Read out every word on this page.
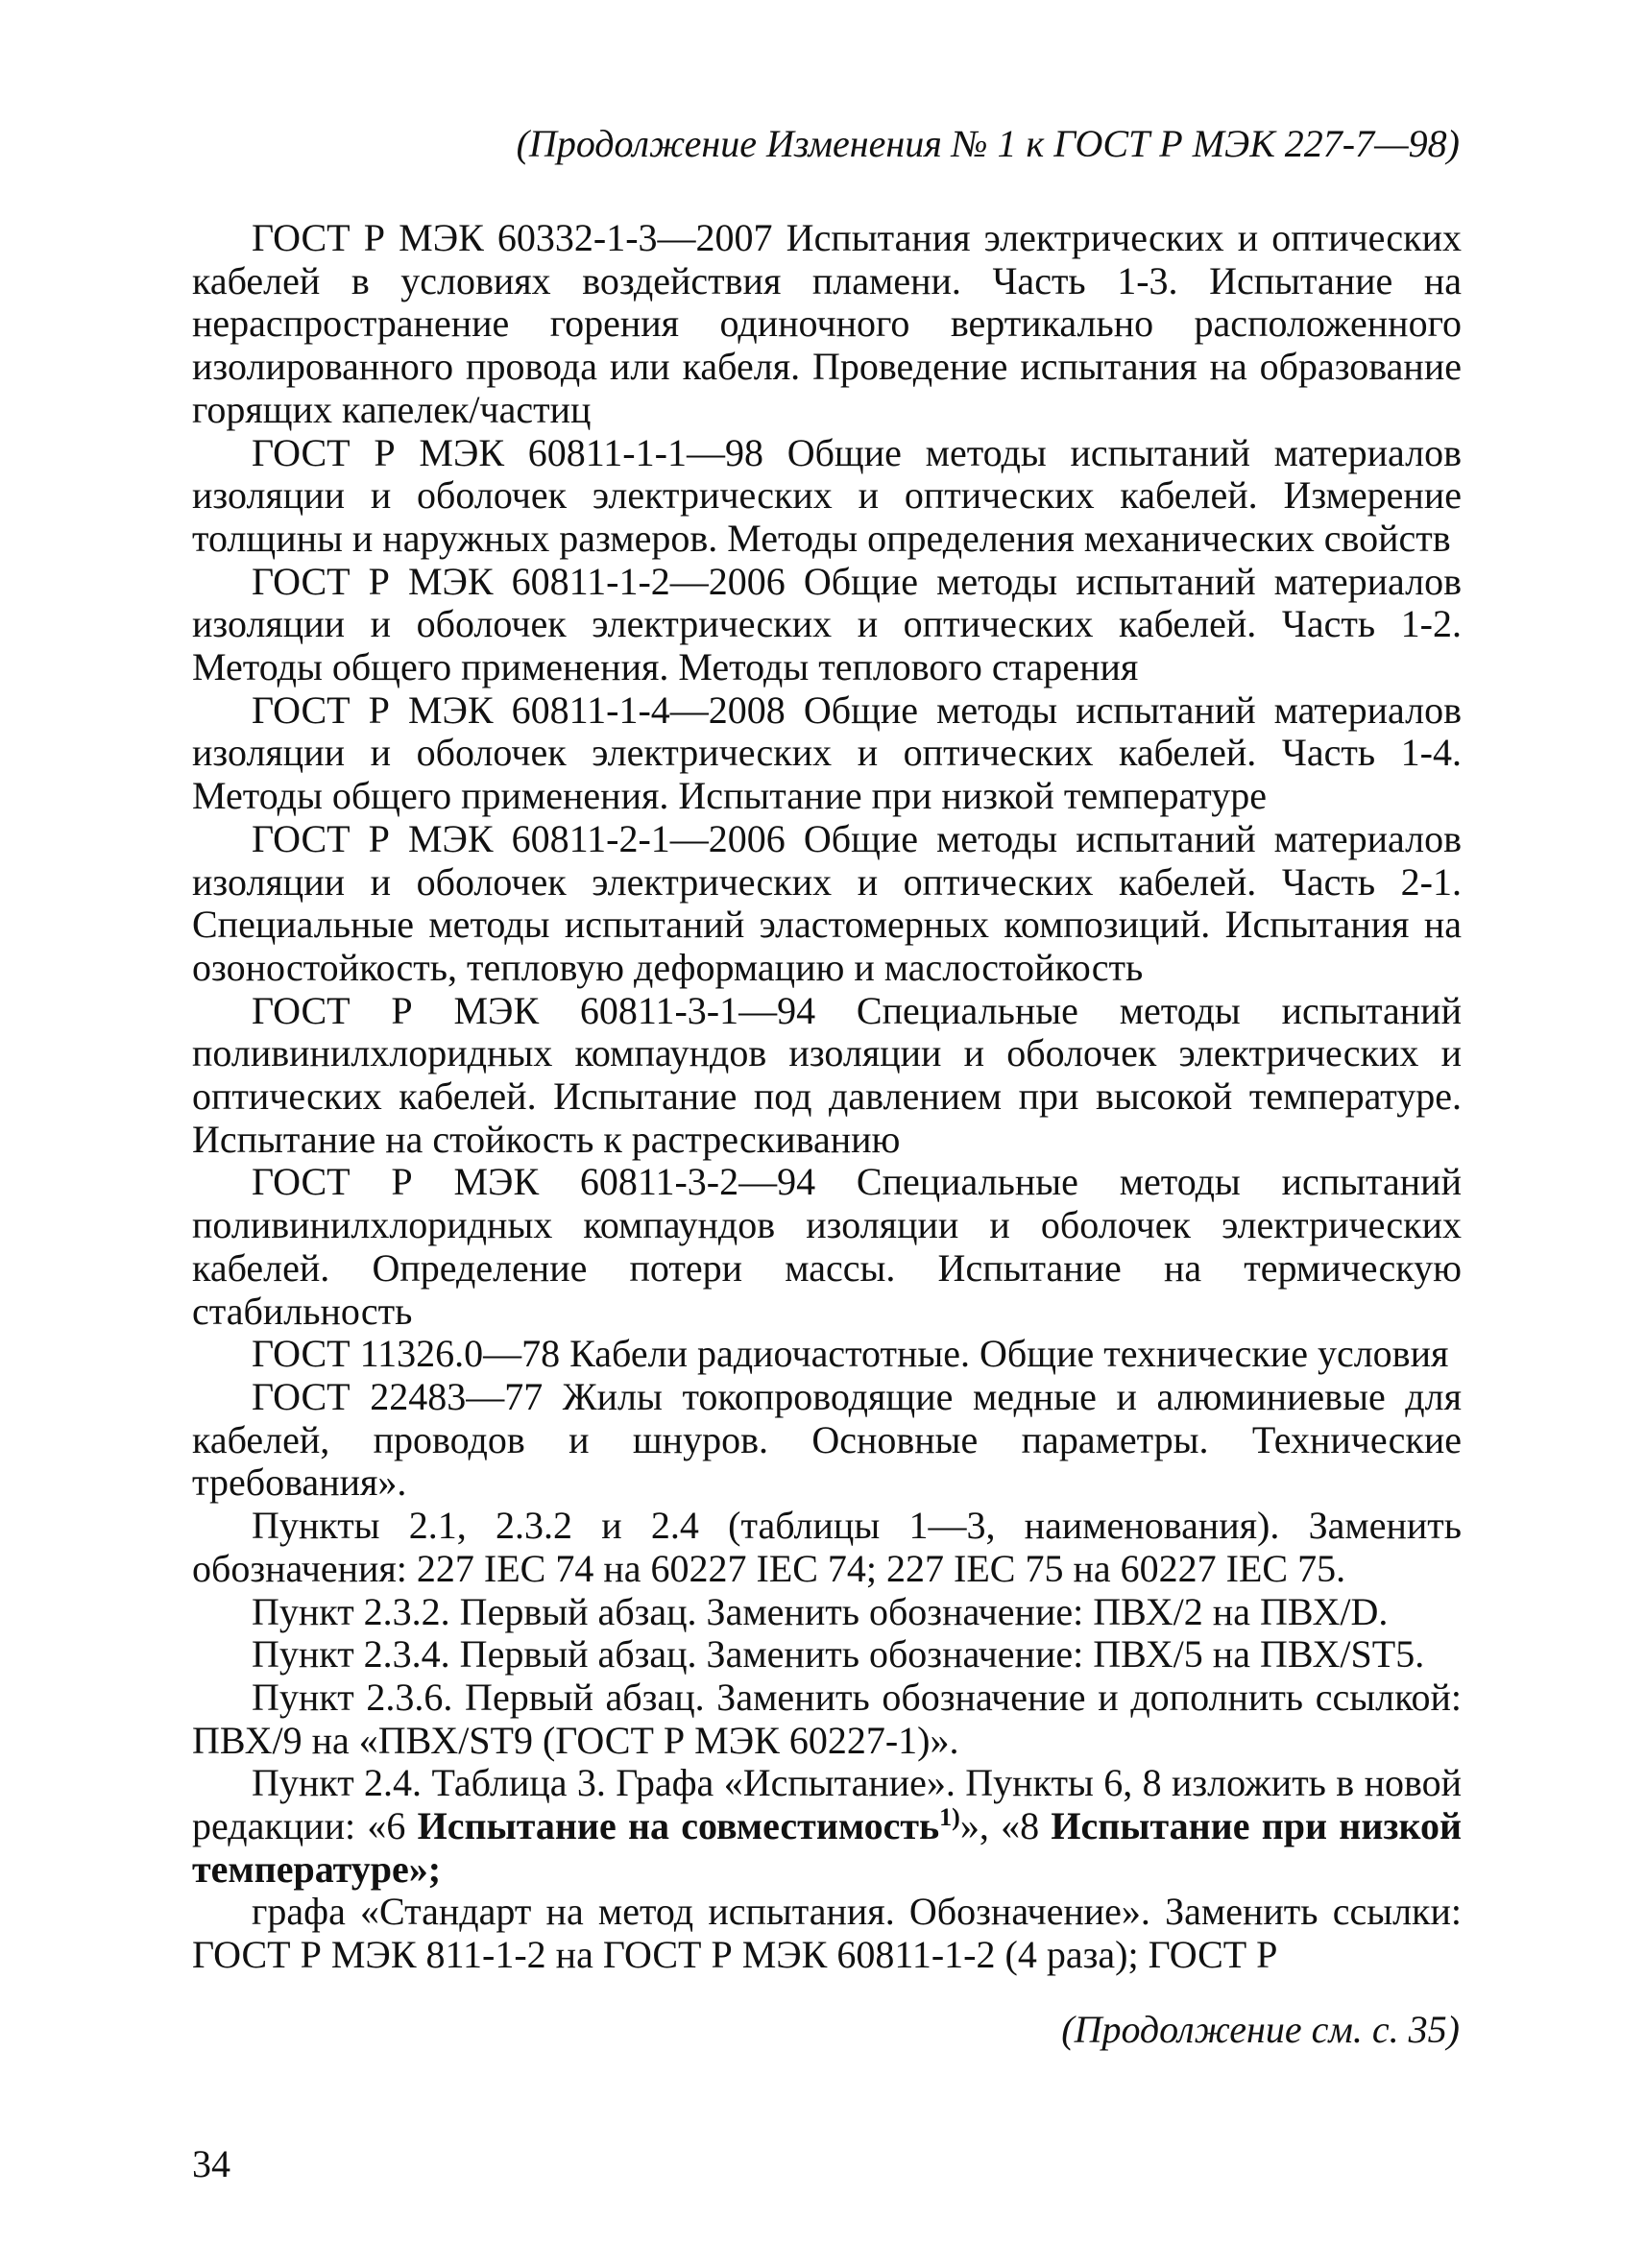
(Продолжение Изменения № 1 к ГОСТ Р МЭК 227-7—98)

ГОСТ Р МЭК 60332-1-3—2007 Испытания электрических и оптических кабелей в условиях воздействия пламени. Часть 1-3. Испытание на нераспространение горения одиночного вертикально расположенного изолированного провода или кабеля. Проведение испытания на образование горящих капелек/частиц

ГОСТ Р МЭК 60811-1-1—98 Общие методы испытаний материалов изоляции и оболочек электрических и оптических кабелей. Измерение толщины и наружных размеров. Методы определения механических свойств

ГОСТ Р МЭК 60811-1-2—2006 Общие методы испытаний материалов изоляции и оболочек электрических и оптических кабелей. Часть 1-2. Методы общего применения. Методы теплового старения

ГОСТ Р МЭК 60811-1-4—2008 Общие методы испытаний материалов изоляции и оболочек электрических и оптических кабелей. Часть 1-4. Методы общего применения. Испытание при низкой температуре

ГОСТ Р МЭК 60811-2-1—2006 Общие методы испытаний материалов изоляции и оболочек электрических и оптических кабелей. Часть 2-1. Специальные методы испытаний эластомерных композиций. Испытания на озоностойкость, тепловую деформацию и маслостойкость

ГОСТ Р МЭК 60811-3-1—94 Специальные методы испытаний поливинилхлоридных компаундов изоляции и оболочек электрических и оптических кабелей. Испытание под давлением при высокой температуре. Испытание на стойкость к растрескиванию

ГОСТ Р МЭК 60811-3-2—94 Специальные методы испытаний поливинилхлоридных компаундов изоляции и оболочек электрических кабелей. Определение потери массы. Испытание на термическую стабильность

ГОСТ 11326.0—78 Кабели радиочастотные. Общие технические условия

ГОСТ 22483—77 Жилы токопроводящие медные и алюминиевые для кабелей, проводов и шнуров. Основные параметры. Технические требования».

Пункты 2.1, 2.3.2 и 2.4 (таблицы 1—3, наименования). Заменить обозначения: 227 IEC 74 на 60227 IEC 74; 227 IEC 75 на 60227 IEC 75.

Пункт 2.3.2. Первый абзац. Заменить обозначение: ПВХ/2 на ПВХ/D.

Пункт 2.3.4. Первый абзац. Заменить обозначение: ПВХ/5 на ПВХ/ST5.

Пункт 2.3.6. Первый абзац. Заменить обозначение и дополнить ссылкой: ПВХ/9 на «ПВХ/ST9 (ГОСТ Р МЭК 60227-1)».

Пункт 2.4. Таблица 3. Графа «Испытание». Пункты 6, 8 изложить в новой редакции: «6 Испытание на совместимость$^{1)}$», «8 Испытание при низкой температуре»;

графа «Стандарт на метод испытания. Обозначение». Заменить ссылки: ГОСТ Р МЭК 811-1-2 на ГОСТ Р МЭК 60811-1-2 (4 раза); ГОСТ Р

(Продолжение см. с. 35)
34
